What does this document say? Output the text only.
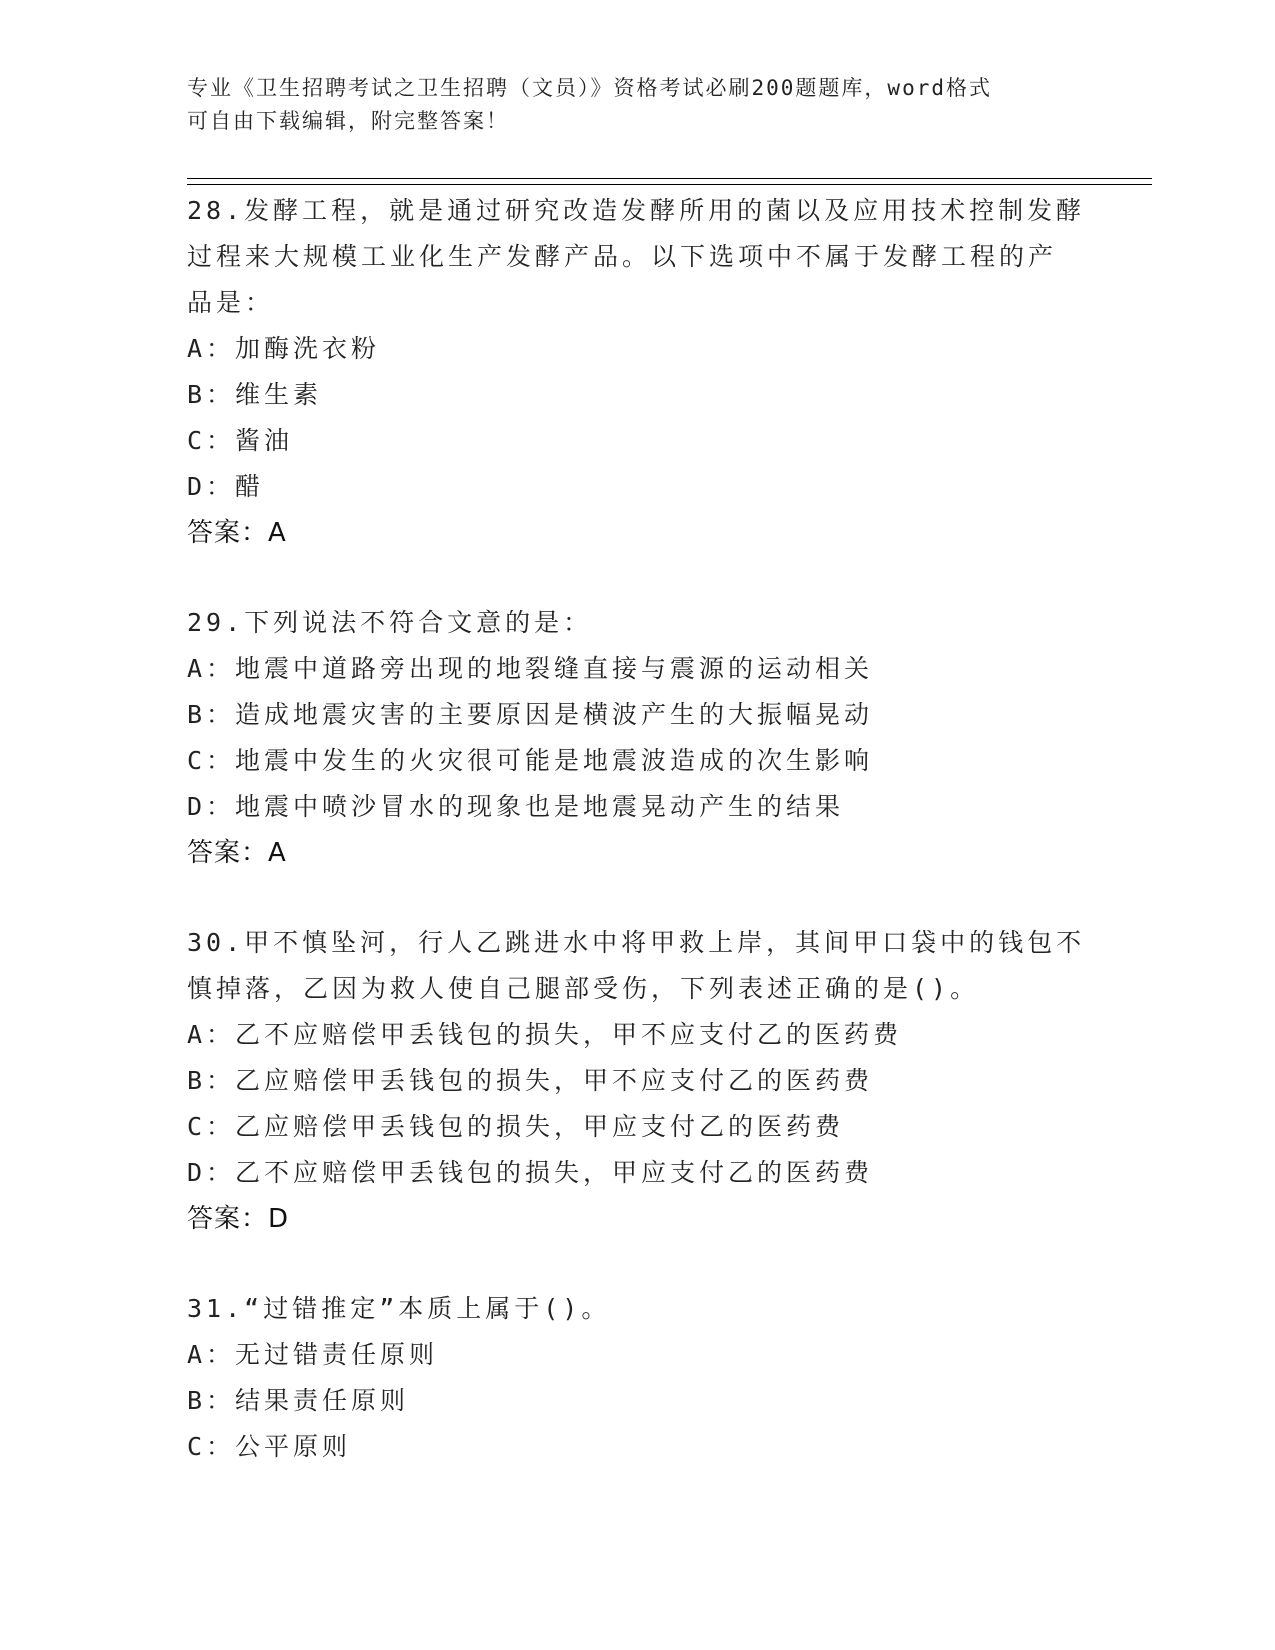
专业《卫生招聘考试之卫生招聘（文员）》资格考试必刷200题题库，word格式
可自由下载编辑，附完整答案！

28.发酵工程，就是通过研究改造发酵所用的菌以及应用技术控制发酵

过程来大规模工业化生产发酵产品。以下选项中不属于发酵工程的产

品是：

A：加酶洗衣粉

B：维生素

C：酱油

D：醋

答案：A

29.下列说法不符合文意的是：

A：地震中道路旁出现的地裂缝直接与震源的运动相关

B：造成地震灾害的主要原因是横波产生的大振幅晃动

C：地震中发生的火灾很可能是地震波造成的次生影响

D：地震中喷沙冒水的现象也是地震晃动产生的结果

答案：A

30.甲不慎坠河，行人乙跳进水中将甲救上岸，其间甲口袋中的钱包不

慎掉落，乙因为救人使自己腿部受伤，下列表述正确的是()。

A：乙不应赔偿甲丢钱包的损失，甲不应支付乙的医药费

B：乙应赔偿甲丢钱包的损失，甲不应支付乙的医药费

C：乙应赔偿甲丢钱包的损失，甲应支付乙的医药费

D：乙不应赔偿甲丢钱包的损失，甲应支付乙的医药费

答案：D

31.“过错推定”本质上属于()。

A：无过错责任原则

B：结果责任原则

C：公平原则
